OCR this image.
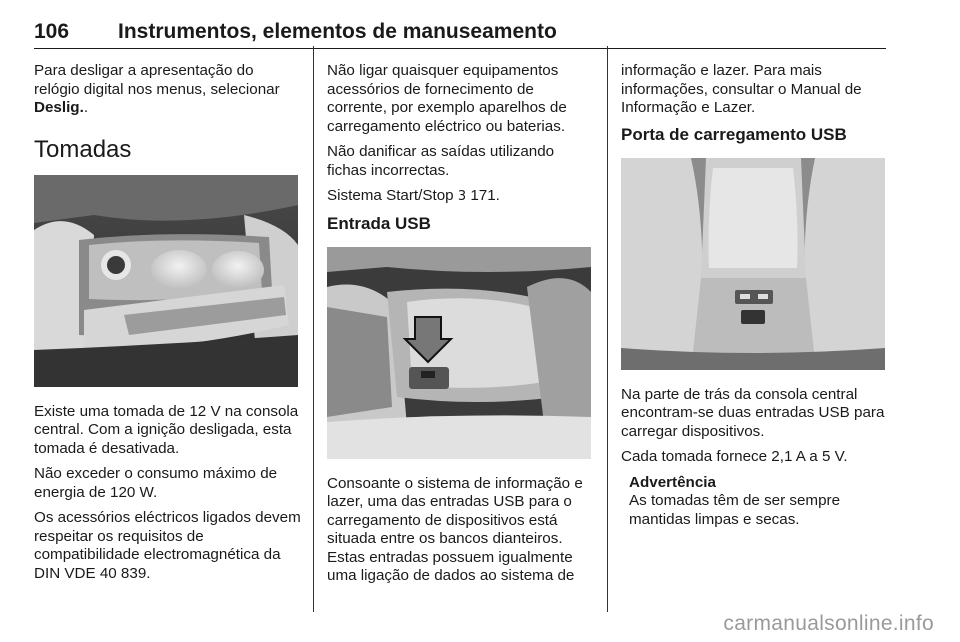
106 Instrumentos, elementos de manuseamento

Para desligar a apresentação do relógio digital nos menus, selecionar Deslig..

Tomadas

Existe uma tomada de 12 V na consola central. Com a ignição desligada, esta tomada é desativada.

Não exceder o consumo máximo de energia de 120 W.

Os acessórios eléctricos ligados devem respeitar os requisitos de compatibilidade electromagnética da DIN VDE 40 839.

Não ligar quaisquer equipamentos acessórios de fornecimento de corrente, por exemplo aparelhos de carregamento eléctrico ou baterias.

Não danificar as saídas utilizando fichas incorrectas.

Sistema Start/Stop 3 171.

Entrada USB

Consoante o sistema de informação e lazer, uma das entradas USB para o carregamento de dispositivos está situada entre os bancos dianteiros. Estas entradas possuem igualmente uma ligação de dados ao sistema de

informação e lazer. Para mais informações, consultar o Manual de Informação e Lazer.

Porta de carregamento USB

Na parte de trás da consola central encontram-se duas entradas USB para carregar dispositivos.

Cada tomada fornece 2,1 A a 5 V.

Advertência

As tomadas têm de ser sempre mantidas limpas e secas.

carmanualsonline.info
